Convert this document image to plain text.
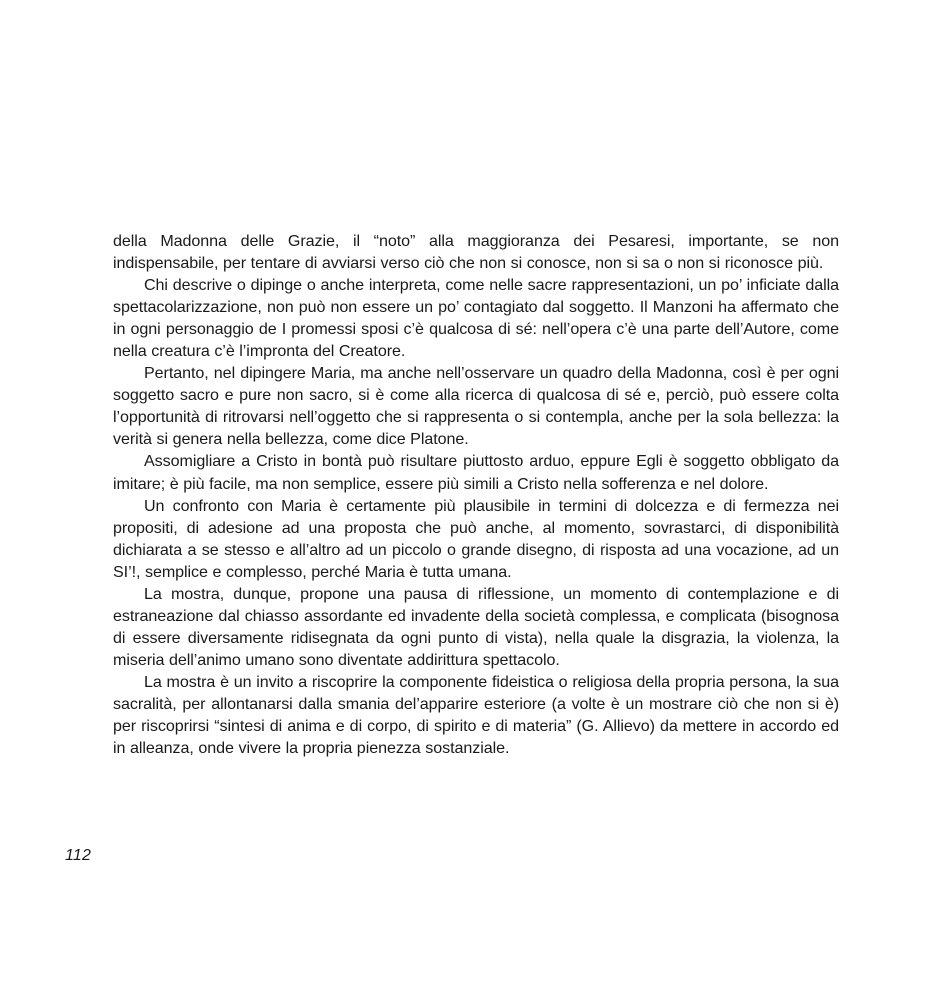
della Madonna delle Grazie, il “noto” alla maggioranza dei Pesaresi, importante, se non indispensabile, per tentare di avviarsi verso ciò che non si conosce, non si sa o non si riconosce più.

Chi descrive o dipinge o anche interpreta, come nelle sacre rappresentazioni, un po’ inficiate dalla spettacolarizzazione, non può non essere un po’ contagiato dal soggetto. Il Manzoni ha affermato che in ogni personaggio de I promessi sposi c’è qualcosa di sé: nell’opera c’è una parte dell’Autore, come nella creatura c’è l’impronta del Creatore.

Pertanto, nel dipingere Maria, ma anche nell’osservare un quadro della Madonna, così è per ogni soggetto sacro e pure non sacro, si è come alla ricerca di qualcosa di sé e, perciò, può essere colta l’opportunità di ritrovarsi nell’oggetto che si rappresenta o si contempla, anche per la sola bellezza: la verità si genera nella bellezza, come dice Platone.

Assomigliare a Cristo in bontà può risultare piuttosto arduo, eppure Egli è soggetto obbligato da imitare; è più facile, ma non semplice, essere più simili a Cristo nella sofferenza e nel dolore.

Un confronto con Maria è certamente più plausibile in termini di dolcezza e di fermezza nei propositi, di adesione ad una proposta che può anche, al momento, sovrastarci, di disponibilità dichiarata a se stesso e all’altro ad un piccolo o grande disegno, di risposta ad una vocazione, ad un SI’!, semplice e complesso, perché Maria è tutta umana.

La mostra, dunque, propone una pausa di riflessione, un momento di contemplazione e di estraneazione dal chiasso assordante ed invadente della società complessa, e complicata (bisognosa di essere diversamente ridisegnata da ogni punto di vista), nella quale la disgrazia, la violenza, la miseria dell’animo umano sono diventate addirittura spettacolo.

La mostra è un invito a riscoprire la componente fideistica o religiosa della propria persona, la sua sacralità, per allontanarsi dalla smania del’apparire esteriore (a volte è un mostrare ciò che non si è) per riscoprirsi “sintesi di anima e di corpo, di spirito e di materia” (G. Allievo) da mettere in accordo ed in alleanza, onde vivere la propria pienezza sostanziale.

112
